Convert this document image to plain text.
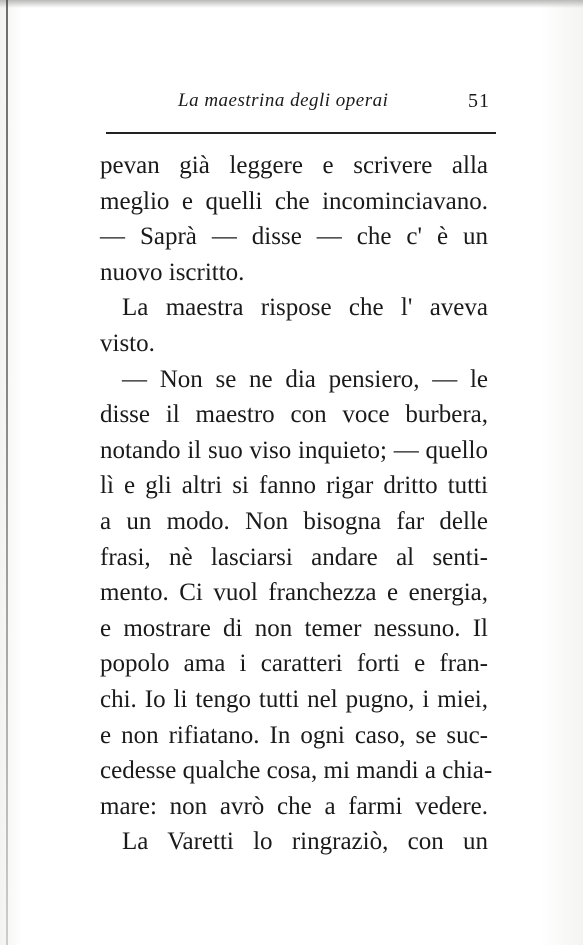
La maestrina degli operai	51
pevan già leggere e scrivere alla
meglio e quelli che incominciavano.
— Saprà — disse — che c' è un
nuovo iscritto.
La maestra rispose che l' aveva
visto.
— Non se ne dia pensiero, — le
disse il maestro con voce burbera,
notando il suo viso inquieto; — quello
lì e gli altri si fanno rigar dritto tutti
a un modo. Non bisogna far delle
frasi, nè lasciarsi andare al senti-
mento. Ci vuol franchezza e energia,
e mostrare di non temer nessuno. Il
popolo ama i caratteri forti e fran-
chi. Io li tengo tutti nel pugno, i miei,
e non rifiatano. In ogni caso, se suc-
cedesse qualche cosa, mi mandi a chia-
mare: non avrò che a farmi vedere.
La Varetti lo ringraziò, con un
